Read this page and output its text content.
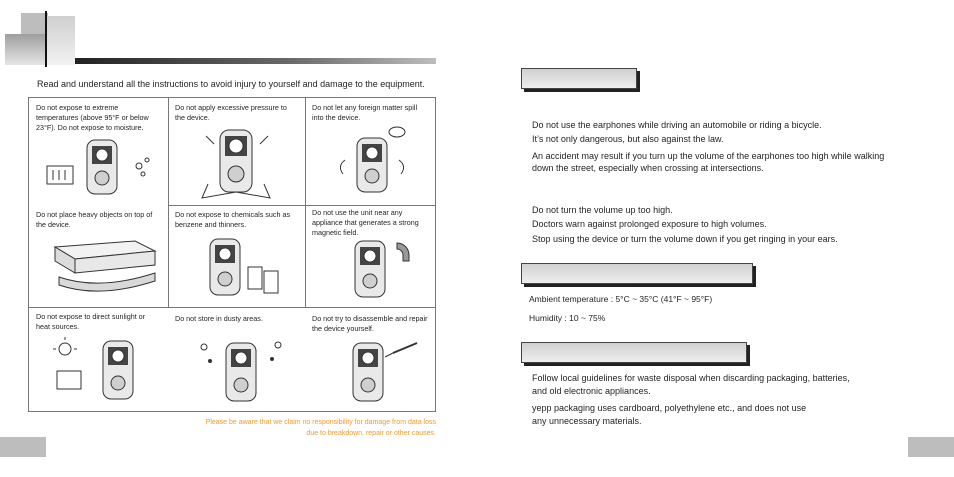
Read and understand all the instructions to avoid injury to yourself and damage to the equipment.
Do not expose to extreme temperatures (above 95°F or below 23°F). Do not expose to moisture.
Do not apply excessive pressure to the device.
Do not let any foreign matter spill into the device.
Do not place heavy objects on top of the device.
Do not expose to chemicals such as benzene and thinners.
Do not use the unit near any appliance that generates a strong magnetic field.
Do not expose to direct sunlight or heat sources.
Do not store in dusty areas.	Do not try to disassemble and repair the device yourself.
Please be aware that we claim no responsibility for damage from data loss
due to breakdown, repair or other causes.
Do not use the earphones while driving an automobile or riding a bicycle.
It’s not only dangerous, but also against the law.
An accident may result if you turn up the volume of the earphones too high while walking
down the street, especially when crossing at intersections.
Do not turn the volume up too high.
Doctors warn against prolonged exposure to high volumes.
Stop using the device or turn the volume down if you get ringing in your ears.
Ambient temperature : 5°C ~ 35°C (41°F ~ 95°F)
Humidity : 10 ~ 75%
Follow local guidelines for waste disposal when discarding packaging, batteries,
and old electronic appliances.
yepp packaging uses cardboard, polyethylene etc., and does not use
any unnecessary materials.
